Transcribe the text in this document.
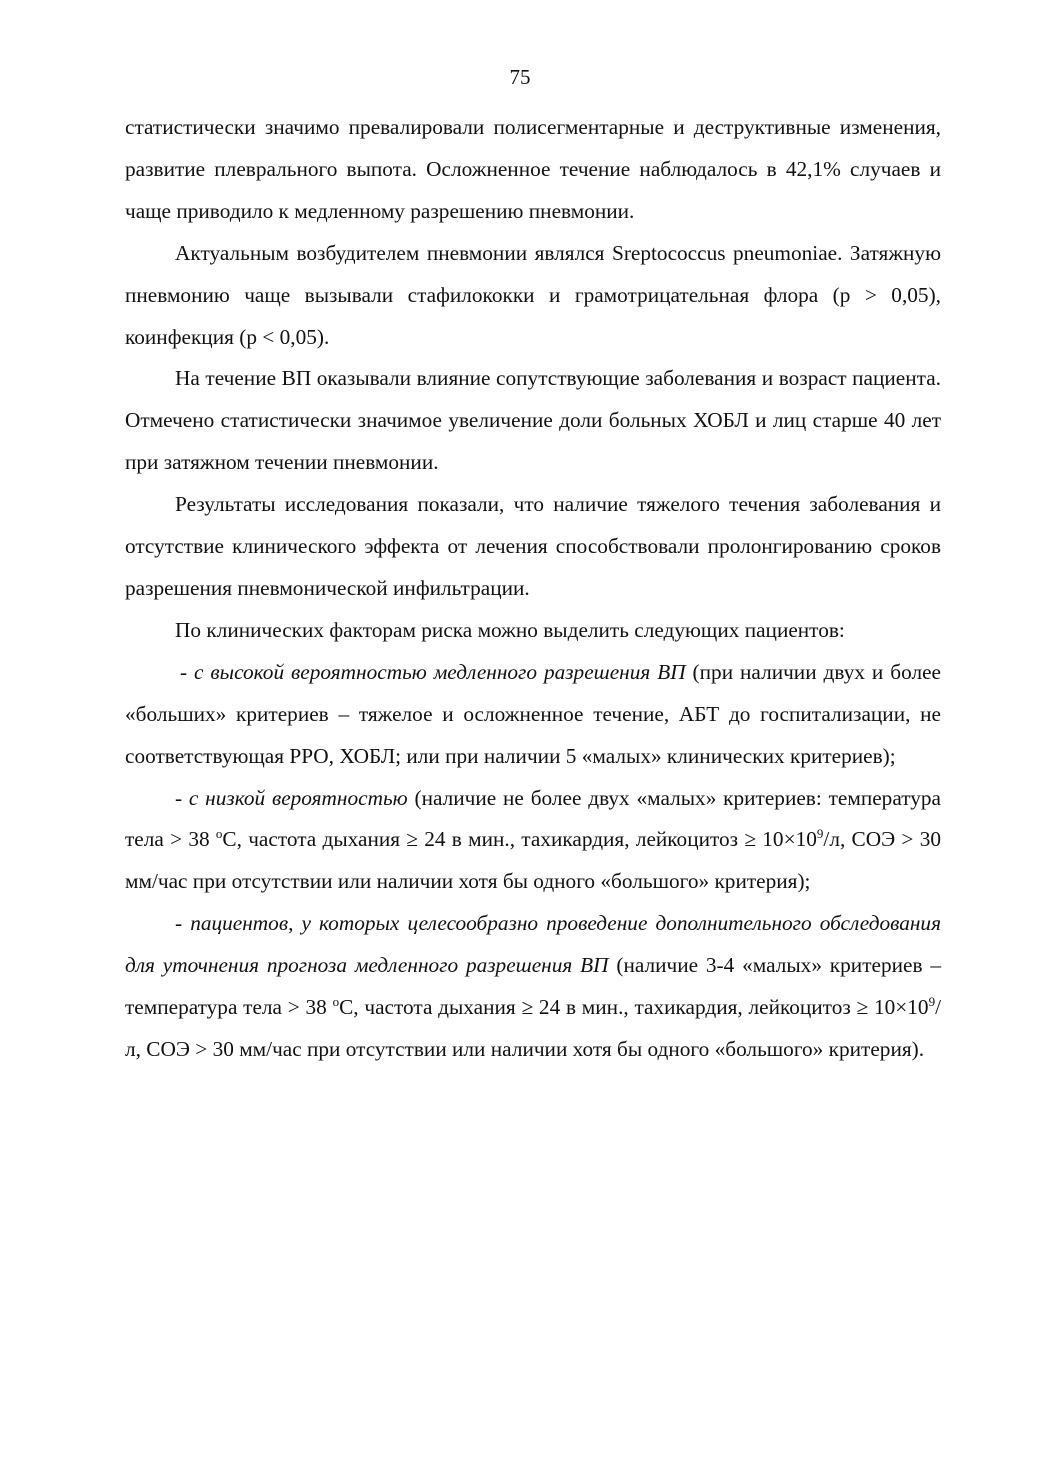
75

статистически значимо превалировали полисегментарные и деструктивные изменения, развитие плеврального выпота. Осложненное течение наблюдалось в 42,1% случаев и чаще приводило к медленному разрешению пневмонии.

Актуальным возбудителем пневмонии являлся Sreptococcus pneumoniae. Затяжную пневмонию чаще вызывали стафилококки и грамотрицательная флора (p > 0,05), коинфекция (p < 0,05).

На течение ВП оказывали влияние сопутствующие заболевания и возраст пациента. Отмечено статистически значимое увеличение доли больных ХОБЛ и лиц старше 40 лет при затяжном течении пневмонии.

Результаты исследования показали, что наличие тяжелого течения заболевания и отсутствие клинического эффекта от лечения способствовали пролонгированию сроков разрешения пневмонической инфильтрации.

По клинических факторам риска можно выделить следующих пациентов:

- с высокой вероятностью медленного разрешения ВП (при наличии двух и более «больших» критериев – тяжелое и осложненное течение, АБТ до госпитализации, не соответствующая РРО, ХОБЛ; или при наличии 5 «малых» клинических критериев);

- с низкой вероятностью (наличие не более двух «малых» критериев: температура тела > 38 $^о$С, частота дыхания ≥ 24 в мин., тахикардия, лейкоцитоз ≥ $10\times 10^9/л$, СОЭ > 30 мм/час при отсутствии или наличии хотя бы одного «большого» критерия);

- пациентов, у которых целесообразно проведение дополнительного обследования для уточнения прогноза медленного разрешения ВП (наличие 3-4 «малых» критериев – температура тела > 38 $^о$С, частота дыхания ≥ 24 в мин., тахикардия, лейкоцитоз ≥ $10\times 10^9/л$, СОЭ > 30 мм/час при отсутствии или наличии хотя бы одного «большого» критерия).
